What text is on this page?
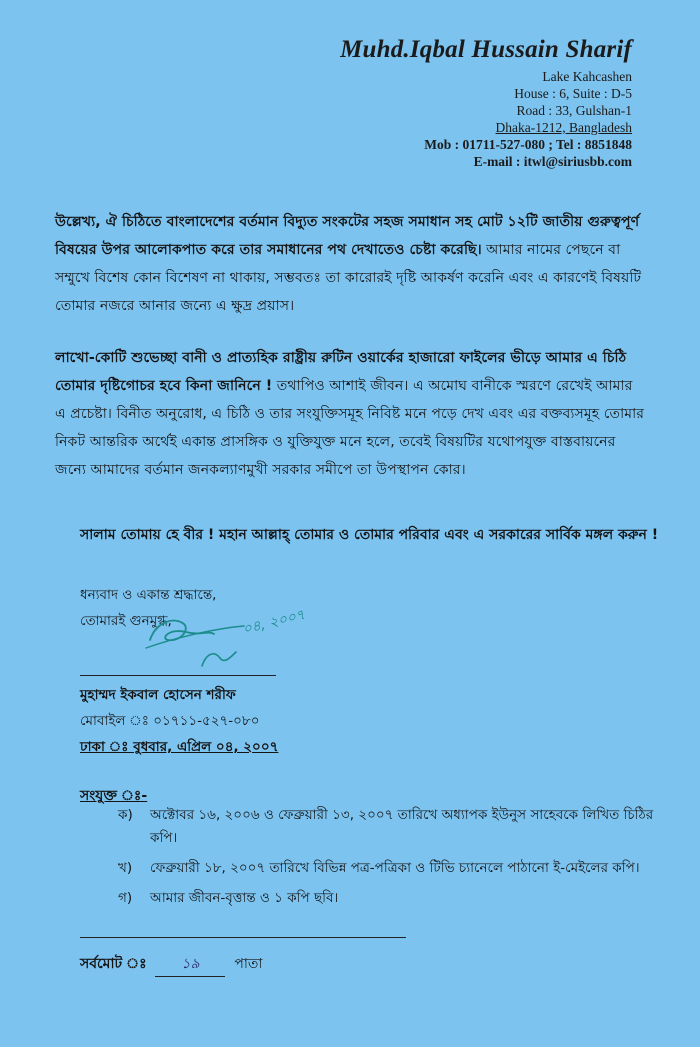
Muhd.Iqbal Hussain Sharif
Lake Kahcashen
House : 6, Suite : D-5
Road : 33, Gulshan-1
Dhaka-1212, Bangladesh
Mob : 01711-527-080 ; Tel : 8851848
E-mail : itwl@siriusbb.com
উল্লেখ্য, ঐ চিঠিতে বাংলাদেশের বর্তমান বিদ্যুত সংকটের সহজ সমাধান সহ মোট ১২টি জাতীয় গুরুত্বপূর্ণ বিষয়ের উপর আলোকপাত করে তার সমাধানের পথ দেখাতেও চেষ্টা করেছি। আমার নামের পেছনে বা সম্মুখে বিশেষ কোন বিশেষণ না থাকায়, সম্ভবতঃ তা কারোরই দৃষ্টি আকর্ষণ করেনি এবং এ কারণেই বিষয়টি তোমার নজরে আনার জন্যে এ ক্ষুদ্র প্রয়াস।
লাখো-কোটি শুভেচ্ছা বানী ও প্রাত্যহিক রাষ্ট্রীয় রুটিন ওয়ার্কের হাজারো ফাইলের ভীড়ে আমার এ চিঠি তোমার দৃষ্টিগোচর হবে কিনা জানিনে ! তথাপিও আশাই জীবন। এ অমোঘ বানীকে স্মরণে রেখেই আমার এ প্রচেষ্টা। বিনীত অনুরোধ, এ চিঠি ও তার সংযুক্তিসমূহ নিবিষ্ট মনে পড়ে দেখ এবং এর বক্তব্যসমূহ তোমার নিকট আন্তরিক অর্থেই একান্ত প্রাসঙ্গিক ও যুক্তিযুক্ত মনে হলে, তবেই বিষয়টির যথোপযুক্ত বাস্তবায়নের জন্যে আমাদের বর্তমান জনকল্যাণমুখী সরকার সমীপে তা উপস্থাপন কোর।
সালাম তোমায় হে বীর ! মহান আল্লাহ্‌ তোমার ও তোমার পরিবার এবং এ সরকারের সার্বিক মঙ্গল করুন !
ধন্যবাদ ও একান্ত শ্রদ্ধান্তে,
তোমারই গুনমুগ্ধ,	০৪, ২০০৭
মুহাম্মদ ইকবাল হোসেন শরীফ
মোবাইল ঃ ০১৭১১-৫২৭-০৮০
ঢাকা ঃ বুধবার, এপ্রিল ০৪, ২০০৭
সংযুক্ত ঃ-
ক)	অক্টোবর ১৬, ২০০৬ ও ফেব্রুয়ারী ১৩, ২০০৭ তারিখে অধ্যাপক ইউনুস সাহেবকে লিখিত চিঠির কপি।
খ)	ফেব্রুয়ারী ১৮, ২০০৭ তারিখে বিভিন্ন পত্র-পত্রিকা ও টিভি চ্যানেলে পাঠানো ই-মেইলের কপি।
গ)	আমার জীবন-বৃত্তান্ত ও ১ কপি ছবি।
সর্বমোট ঃ ১৯ পাতা
